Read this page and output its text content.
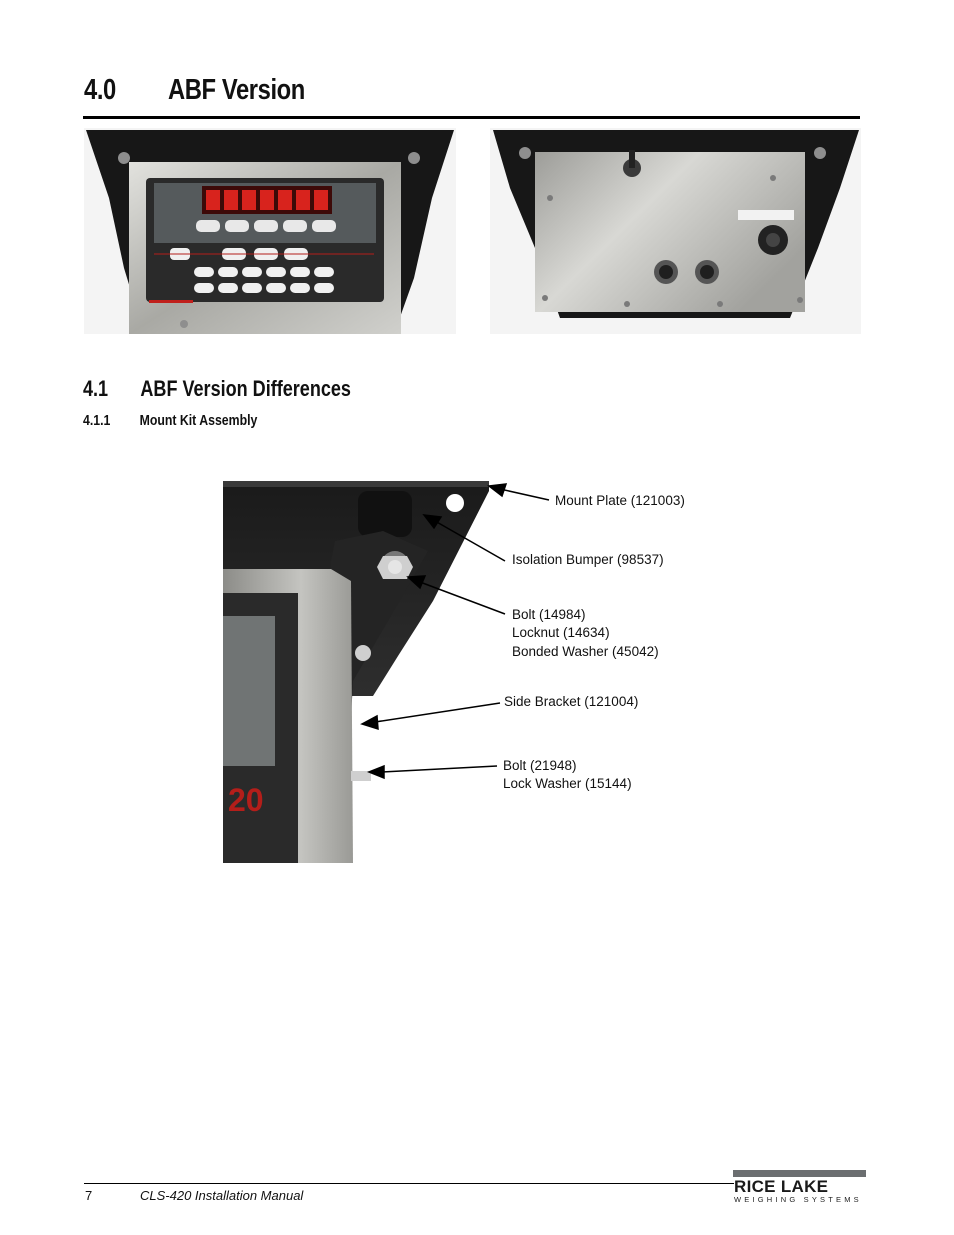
4.0 ABF Version
4.1 ABF Version Differences
4.1.1 Mount Kit Assembly
20
Mount Plate (121003)
Isolation Bumper (98537)
Bolt (14984)
Locknut (14634)
Bonded Washer (45042)
Side Bracket (121004)
Bolt (21948)
Lock Washer (15144)
7	CLS-420 Installation Manual	RICE LAKE
WEIGHING SYSTEMS
